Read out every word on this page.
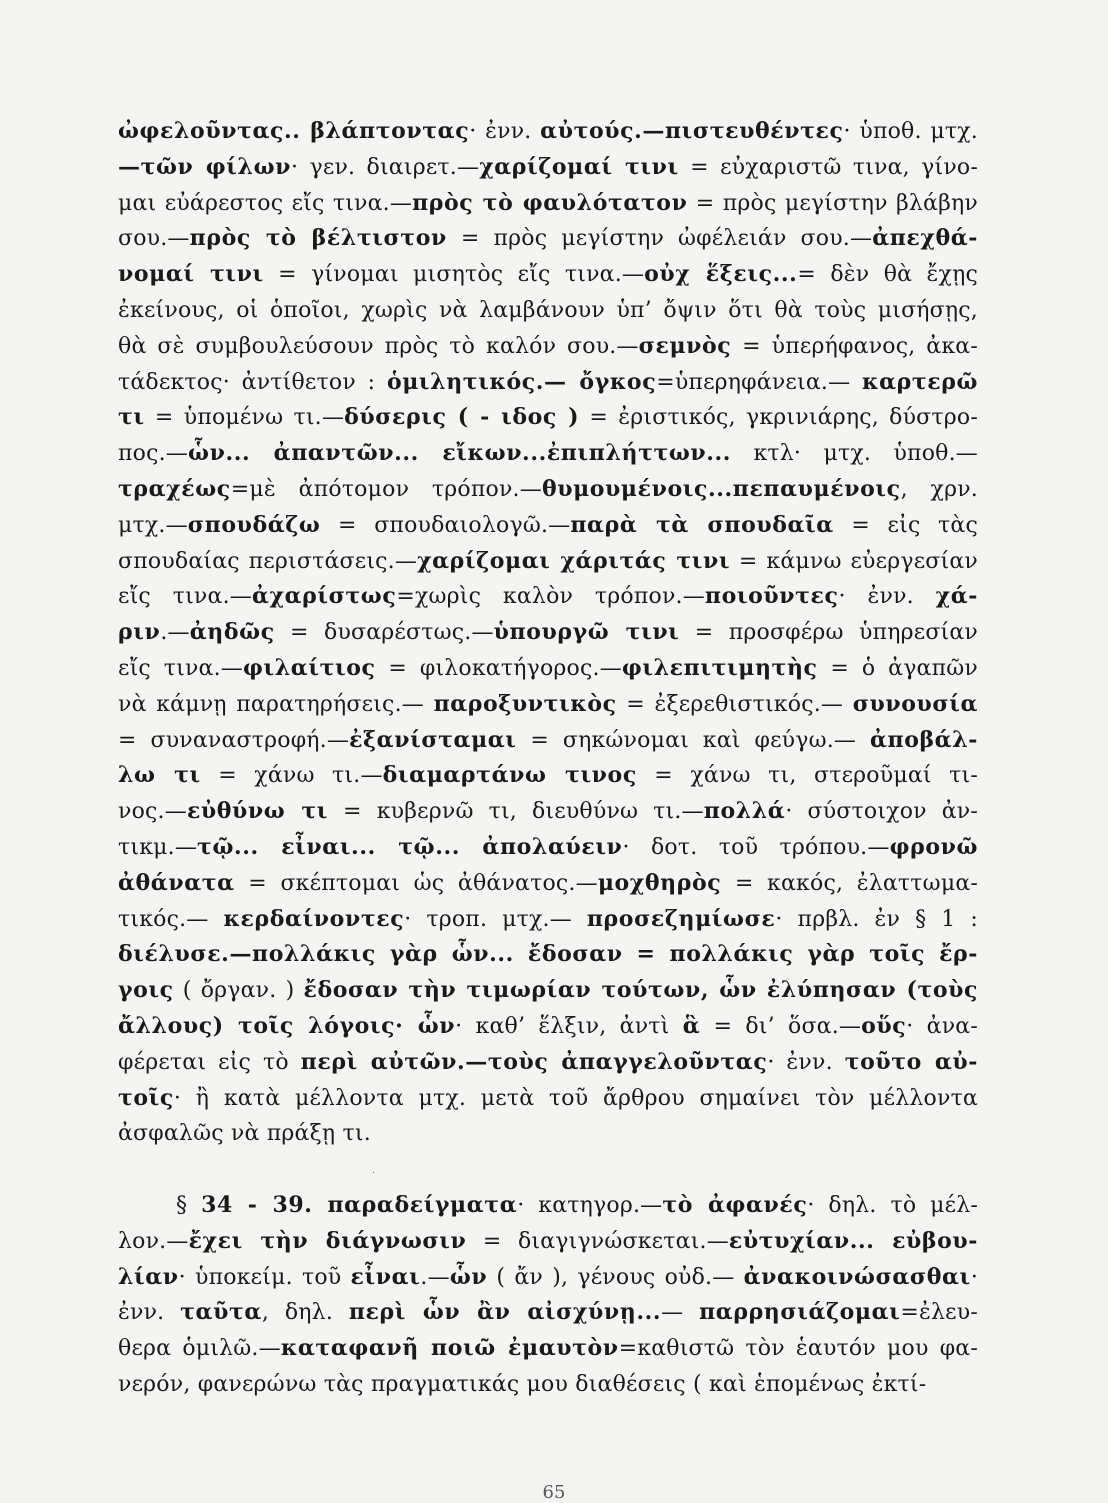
ὠφελοῦντας.. βλάπτοντας· ἐνν. αὐτούς.—πιστευθέντες· ὑποθ. μτχ.
—τῶν φίλων· γεν. διαιρετ.—χαρίζομαί τινι = εὐχαριστῶ τινα, γίνο-
μαι εὐάρεστος εἴς τινα.—πρὸς τὸ φαυλότατον = πρὸς μεγίστην βλάβην
σου.—πρὸς τὸ βέλτιστον = πρὸς μεγίστην ὠφέλειάν σου.—ἀπεχθά-
νομαί τινι = γίνομαι μισητὸς εἴς τινα.—οὐχ ἕξεις...= δὲν θὰ ἔχῃς
ἐκείνους, οἱ ὁποῖοι, χωρὶς νὰ λαμβάνουν ὑπ’ ὄψιν ὅτι θὰ τοὺς μισήσῃς,
θὰ σὲ συμβουλεύσουν πρὸς τὸ καλόν σου.—σεμνὸς = ὑπερήφανος, ἀκα-
τάδεκτος· ἀντίθετον : ὁμιλητικός.— ὄγκος=ὑπερηφάνεια.— καρτερῶ
τι = ὑπομένω τι.—δύσερις ( - ιδος ) = ἐριστικός, γκρινιάρης, δύστρο-
πος.—ὧν... ἀπαντῶν... εἴκων...ἐπιπλήττων... κτλ· μτχ. ὑποθ.—
τραχέως=μὲ ἀπότομον τρόπον.—θυμουμένοις...πεπαυμένοις, χρν.
μτχ.—σπουδάζω = σπουδαιολογῶ.—παρὰ τὰ σπουδαῖα = εἰς τὰς
σπουδαίας περιστάσεις.—χαρίζομαι χάριτάς τινι = κάμνω εὐεργεσίαν
εἴς τινα.—ἀχαρίστως=χωρὶς καλὸν τρόπον.—ποιοῦντες· ἐνν. χά-
ριν.—ἀηδῶς = δυσαρέστως.—ὑπουργῶ τινι = προσφέρω ὑπηρεσίαν
εἴς τινα.—φιλαίτιος = φιλοκατήγορος.—φιλεπιτιμητὴς = ὁ ἀγαπῶν
νὰ κάμνῃ παρατηρήσεις.— παροξυντικὸς = ἐξερεθιστικός.— συνουσία
= συναναστροφή.—ἐξανίσταμαι = σηκώνομαι καὶ φεύγω.— ἀποβάλ-
λω τι = χάνω τι.—διαμαρτάνω τινος = χάνω τι, στεροῦμαί τι-
νος.—εὐθύνω τι = κυβερνῶ τι, διευθύνω τι.—πολλά· σύστοιχον ἀν-
τικμ.—τῷ... εἶναι... τῷ... ἀπολαύειν· δοτ. τοῦ τρόπου.—φρονῶ
ἀθάνατα = σκέπτομαι ὡς ἀθάνατος.—μοχθηρὸς = κακός, ἐλαττωμα-
τικός.— κερδαίνοντες· τροπ. μτχ.— προσεζημίωσε· πρβλ. ἐν § 1 :
διέλυσε.—πολλάκις γὰρ ὧν... ἔδοσαν = πολλάκις γὰρ τοῖς ἔρ-
γοις ( ὄργαν. ) ἔδοσαν τὴν τιμωρίαν τούτων, ὧν ἐλύπησαν (τοὺς
ἄλλους) τοῖς λόγοις· ὧν· καθ’ ἕλξιν, ἀντὶ ἃ = δι’ ὅσα.—οὕς· ἀνα-
φέρεται εἰς τὸ περὶ αὐτῶν.—τοὺς ἀπαγγελοῦντας· ἐνν. τοῦτο αὐ-
τοῖς· ἢ κατὰ μέλλοντα μτχ. μετὰ τοῦ ἄρθρου σημαίνει τὸν μέλλοντα
ἀσφαλῶς νὰ πράξῃ τι.
§ 34 - 39. παραδείγματα· κατηγορ.—τὸ ἀφανές· δηλ. τὸ μέλ-
λον.—ἔχει τὴν διάγνωσιν = διαγιγνώσκεται.—εὐτυχίαν... εὐβου-
λίαν· ὑποκείμ. τοῦ εἶναι.—ὧν ( ἄν ), γένους οὐδ.— ἀνακοινώσασθαι·
ἐνν. ταῦτα, δηλ. περὶ ὧν ἂν αἰσχύνῃ...— παρρησιάζομαι=ἐλευ-
θερα ὁμιλῶ.—καταφανῆ ποιῶ ἐμαυτὸν=καθιστῶ τὸν ἑαυτόν μου φα-
νερόν, φανερώνω τὰς πραγματικάς μου διαθέσεις ( καὶ ἑπομένως ἐκτί-
·
65
